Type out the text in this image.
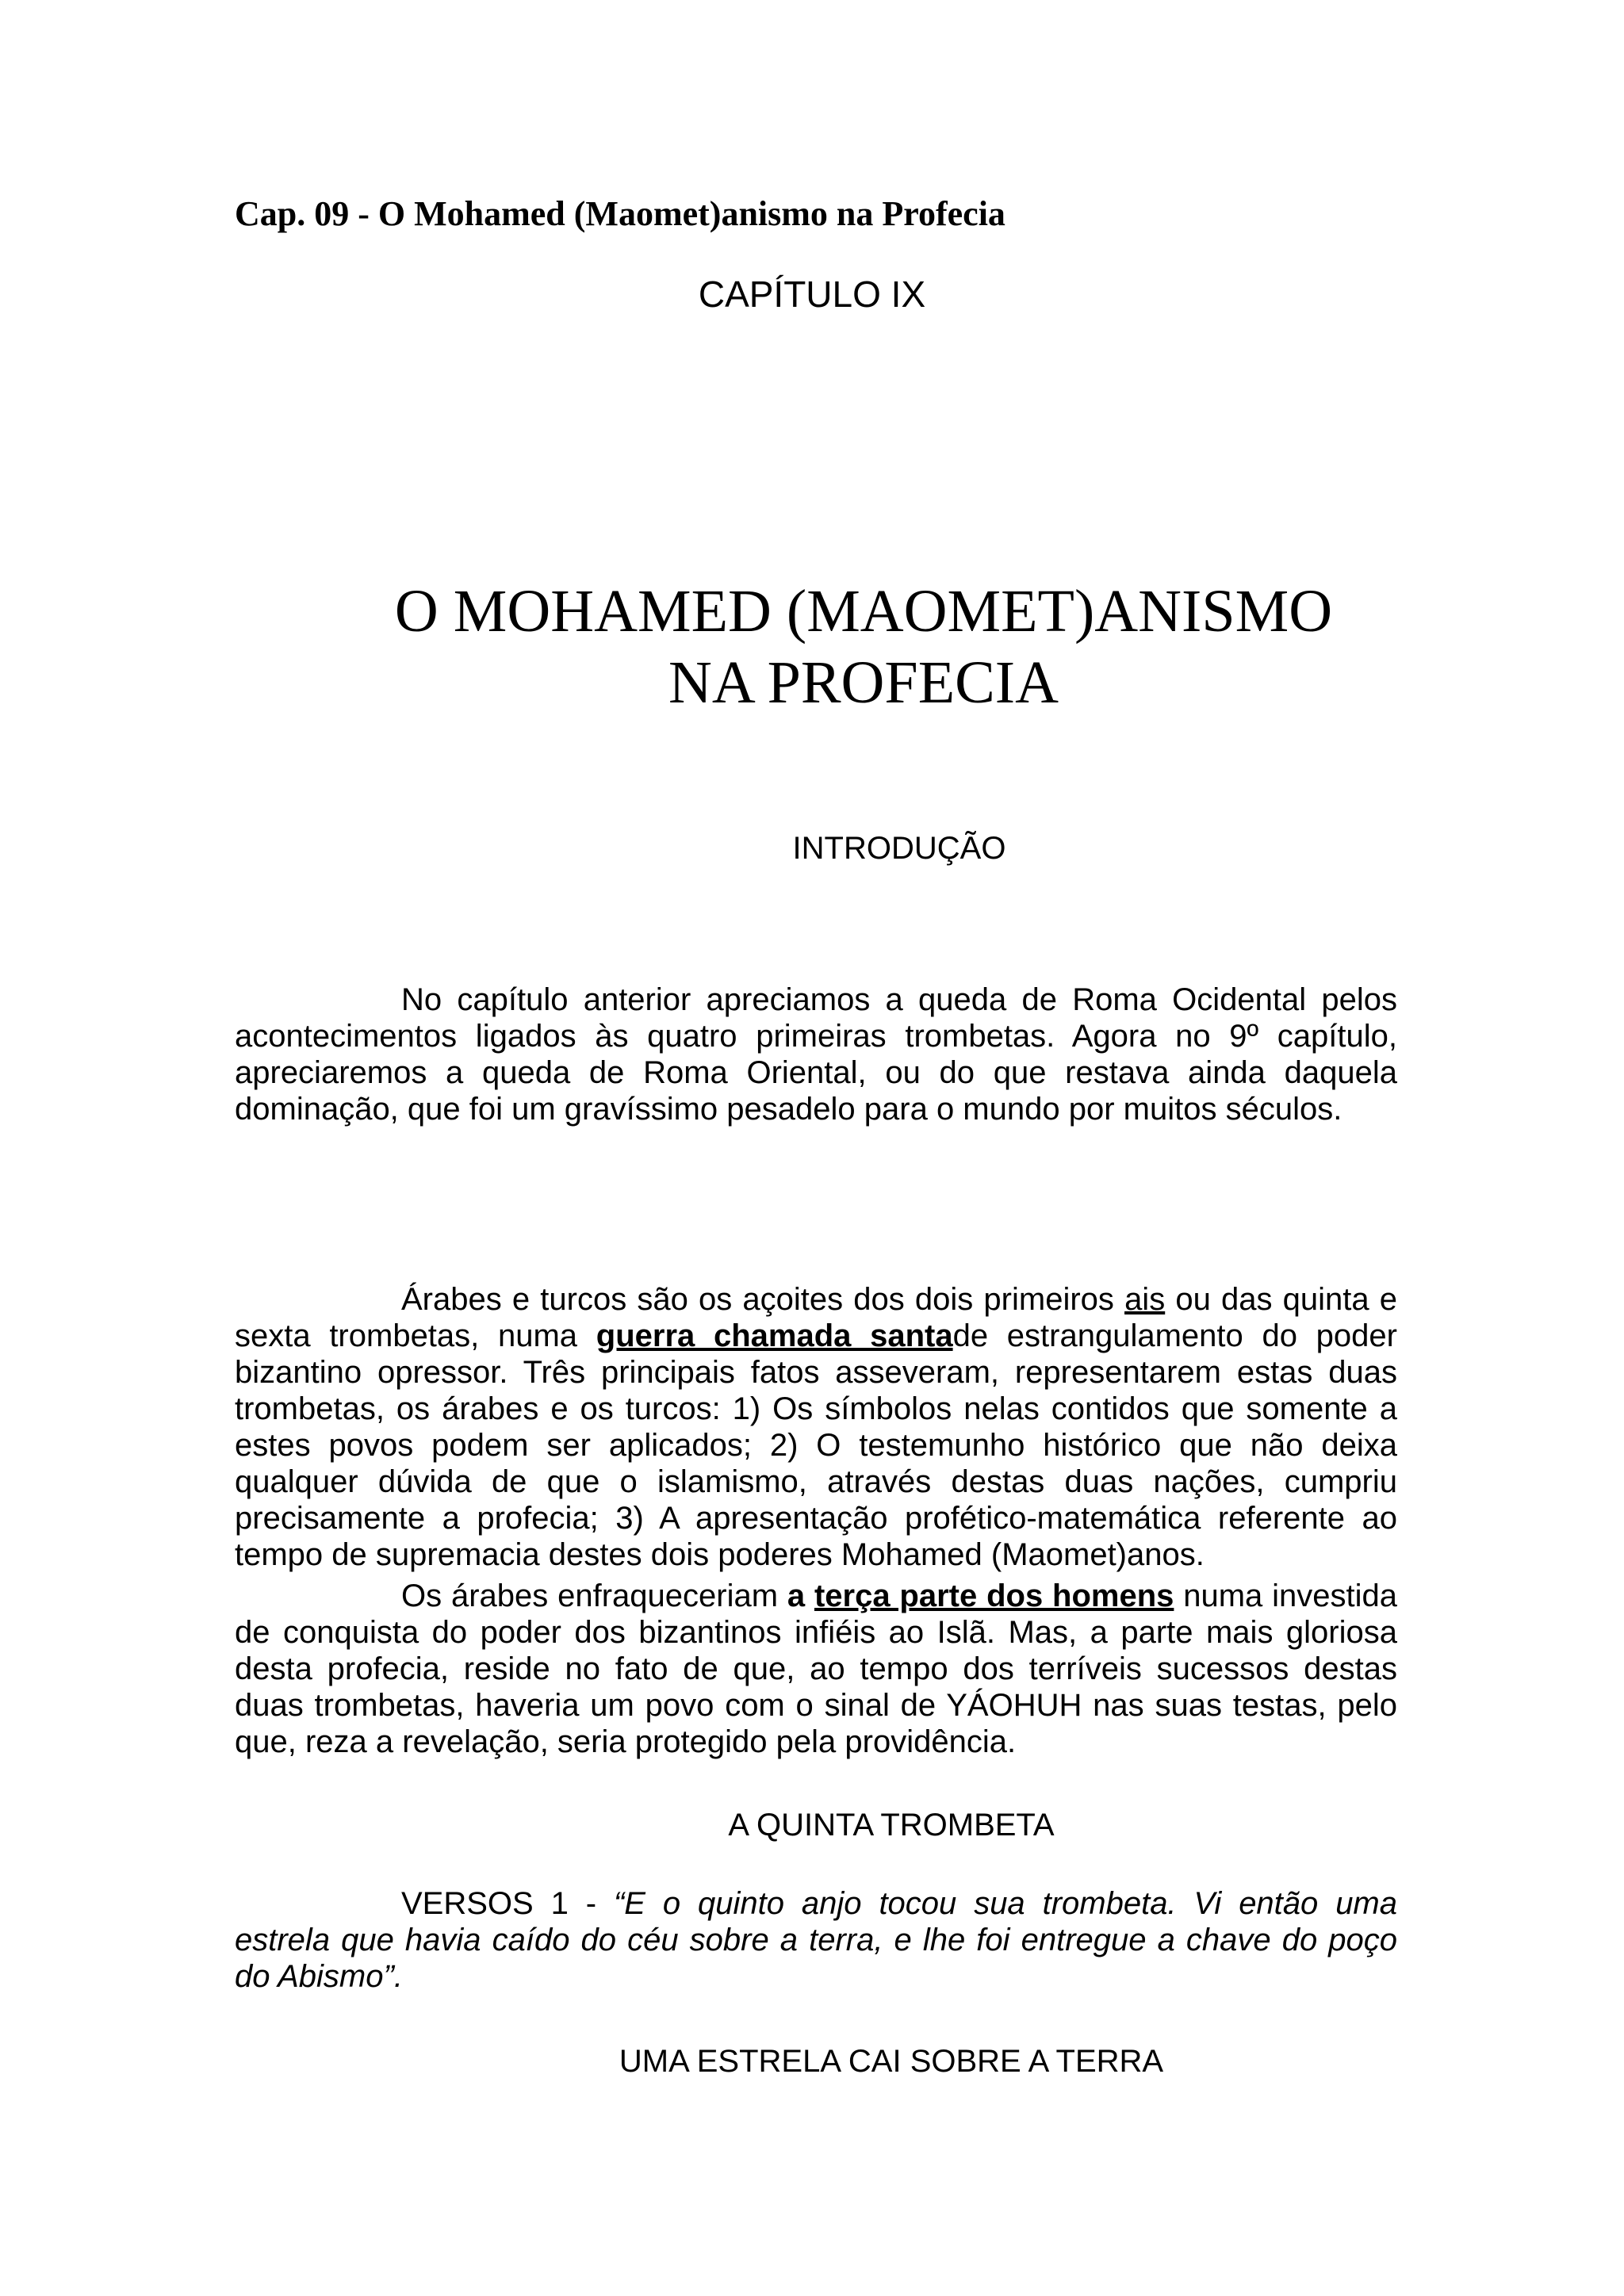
Cap. 09 - O Mohamed (Maomet)anismo na Profecia
CAPÍTULO IX
O MOHAMED (MAOMET)ANISMO
NA PROFECIA
INTRODUÇÃO
No capítulo anterior apreciamos a queda de Roma Ocidental pelos acontecimentos ligados às quatro primeiras trombetas. Agora no 9º capítulo, apreciaremos a queda de Roma Oriental, ou do que restava ainda daquela dominação, que foi um gravíssimo pesadelo para o mundo por muitos séculos.
Árabes e turcos são os açoites dos dois primeiros ais ou das quinta e sexta trombetas, numa guerra chamada santade estrangulamento do poder bizantino opressor. Três principais fatos asseveram, representarem estas duas trombetas, os árabes e os turcos: 1) Os símbolos nelas contidos que somente a estes povos podem ser aplicados; 2) O testemunho histórico que não deixa qualquer dúvida de que o islamismo, através destas duas nações, cumpriu precisamente a profecia; 3) A apresentação profético-matemática referente ao tempo de supremacia destes dois poderes Mohamed (Maomet)anos.
Os árabes enfraqueceriam a terça parte dos homens numa investida de conquista do poder dos bizantinos infiéis ao Islã. Mas, a parte mais gloriosa desta profecia, reside no fato de que, ao tempo dos terríveis sucessos destas duas trombetas, haveria um povo com o sinal de YÁOHUH nas suas testas, pelo que, reza a revelação, seria protegido pela providência.
A QUINTA TROMBETA
VERSOS 1 - “E o quinto anjo tocou sua trombeta. Vi então uma estrela que havia caído do céu sobre a terra, e lhe foi entregue a chave do poço do Abismo”.
UMA ESTRELA CAI SOBRE A TERRA
